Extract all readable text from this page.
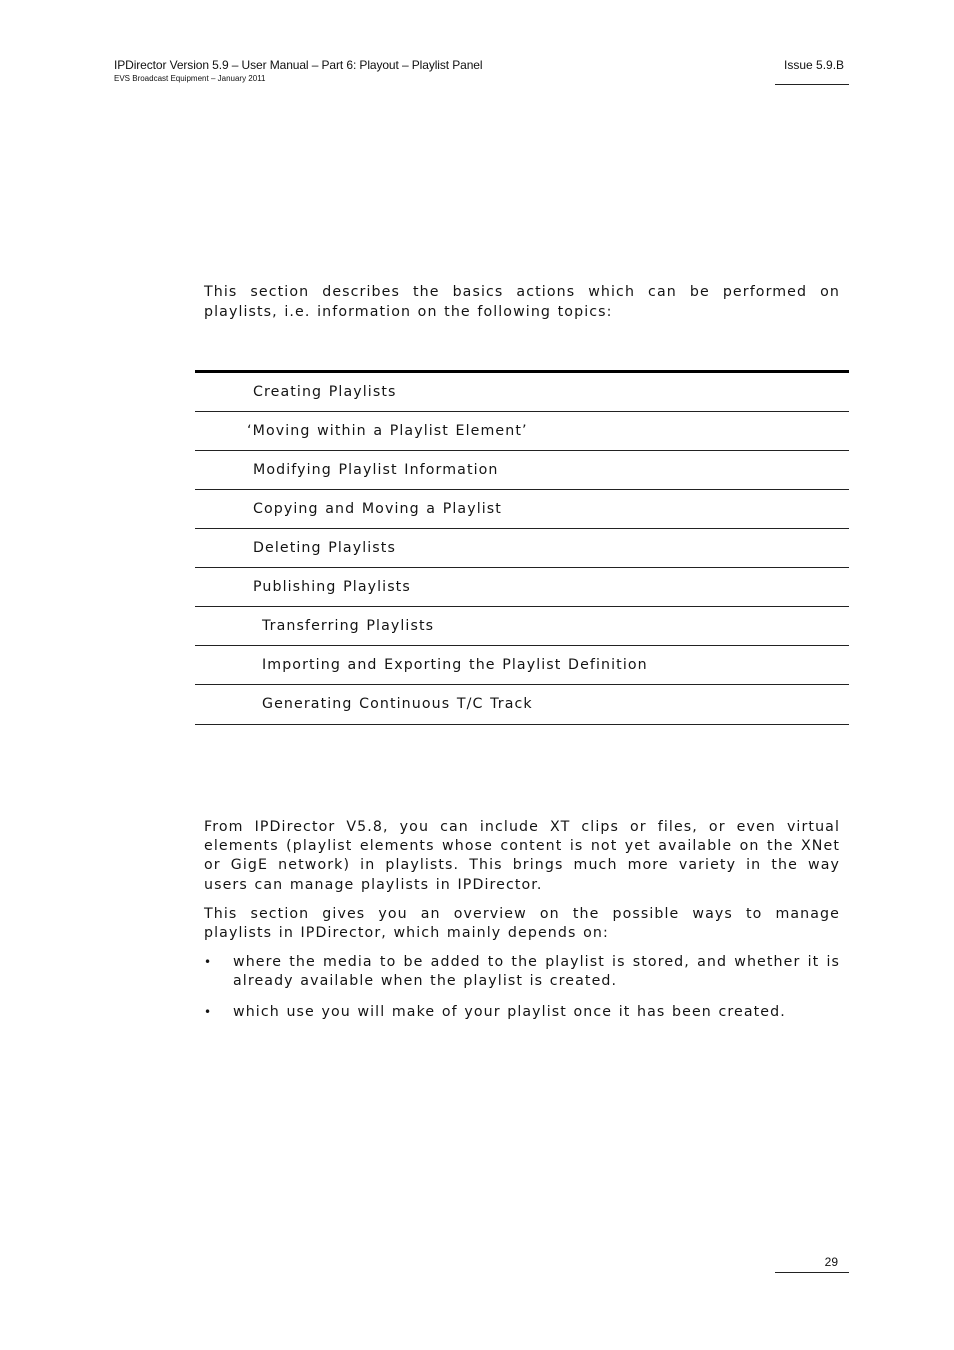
IPDirector Version 5.9 – User Manual – Part 6: Playout – Playlist Panel
EVS Broadcast Equipment – January 2011
Issue 5.9.B

This section describes the basics actions which can be performed on playlists, i.e. information on the following topics:

Creating Playlists
‘Moving within a Playlist Element’
Modifying Playlist Information
Copying and Moving a Playlist
Deleting Playlists
Publishing Playlists
Transferring Playlists
Importing and Exporting the Playlist Definition
Generating Continuous T/C Track

From IPDirector V5.8, you can include XT clips or files, or even virtual elements (playlist elements whose content is not yet available on the XNet or GigE network) in playlists. This brings much more variety in the way users can manage playlists in IPDirector.

This section gives you an overview on the possible ways to manage playlists in IPDirector, which mainly depends on:

• where the media to be added to the playlist is stored, and whether it is already available when the playlist is created.
• which use you will make of your playlist once it has been created.
29
